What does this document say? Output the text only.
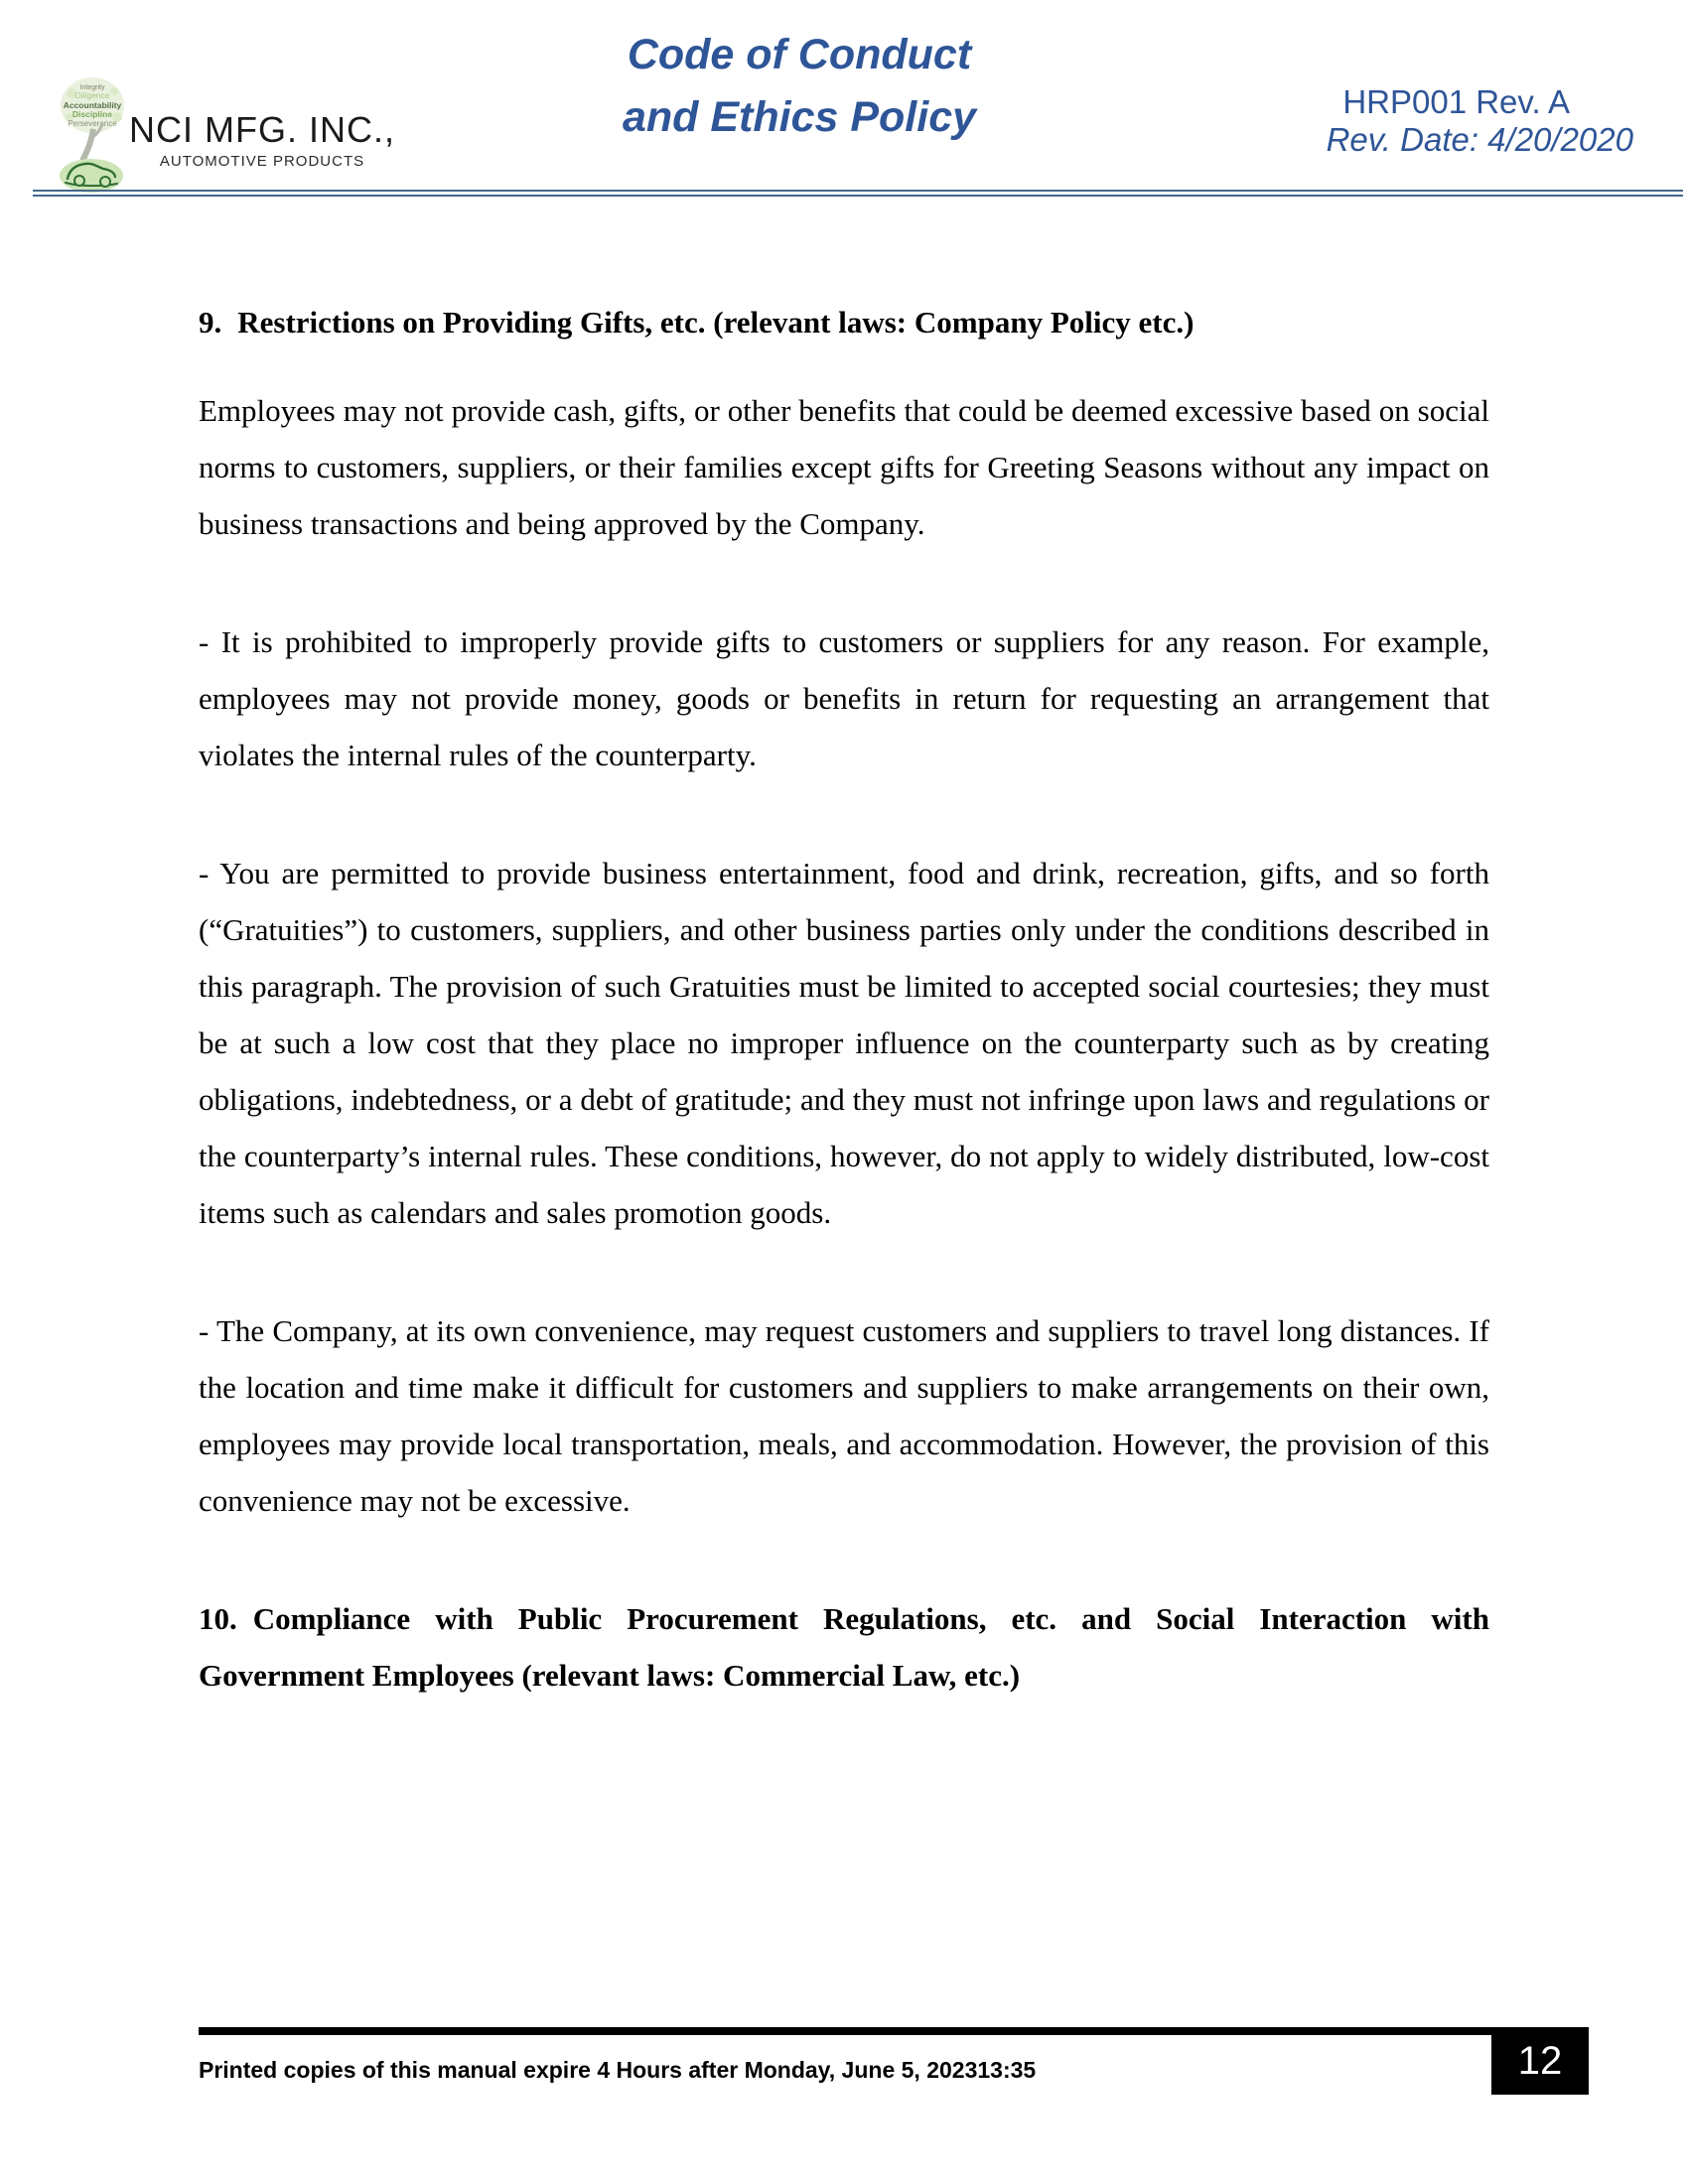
Integrity
Diligence
Accountability
Discipline
Perseverance NCI MFG. INC.,
AUTOMOTIVE PRODUCTS
Code of Conduct
and Ethics Policy	HRP001 Rev. A
Rev. Date: 4/20/2020
9. Restrictions on Providing Gifts, etc. (relevant laws: Company Policy etc.)

Employees may not provide cash, gifts, or other benefits that could be deemed excessive based on social norms to customers, suppliers, or their families except gifts for Greeting Seasons without any impact on business transactions and being approved by the Company.

- It is prohibited to improperly provide gifts to customers or suppliers for any reason. For example, employees may not provide money, goods or benefits in return for requesting an arrangement that violates the internal rules of the counterparty.

- You are permitted to provide business entertainment, food and drink, recreation, gifts, and so forth (“Gratuities”) to customers, suppliers, and other business parties only under the conditions described in this paragraph. The provision of such Gratuities must be limited to accepted social courtesies; they must be at such a low cost that they place no improper influence on the counterparty such as by creating obligations, indebtedness, or a debt of gratitude; and they must not infringe upon laws and regulations or the counterparty’s internal rules. These conditions, however, do not apply to widely distributed, low-cost items such as calendars and sales promotion goods.

- The Company, at its own convenience, may request customers and suppliers to travel long distances. If the location and time make it difficult for customers and suppliers to make arrangements on their own, employees may provide local transportation, meals, and accommodation. However, the provision of this convenience may not be excessive.

10. Compliance with Public Procurement Regulations, etc. and Social Interaction with Government Employees (relevant laws: Commercial Law, etc.)
12
Printed copies of this manual expire 4 Hours after Monday, June 5, 202313:35
